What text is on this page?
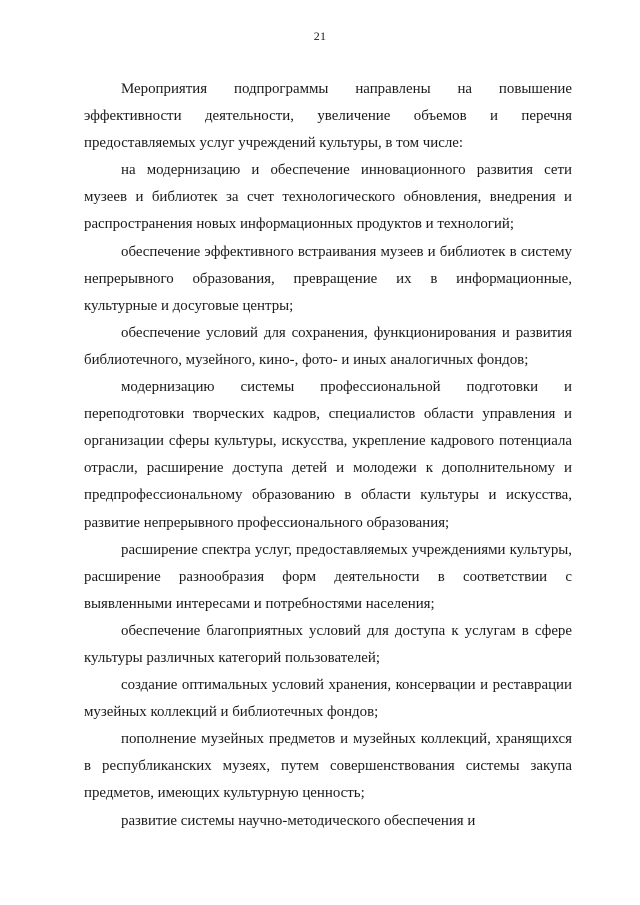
21

Мероприятия подпрограммы направлены на повышение эффективности деятельности, увеличение объемов и перечня предоставляемых услуг учреждений культуры, в том числе:

на модернизацию и обеспечение инновационного развития сети музеев и библиотек за счет технологического обновления, внедрения и распространения новых информационных продуктов и технологий;

обеспечение эффективного встраивания музеев и библиотек в систему непрерывного образования, превращение их в информационные, культурные и досуговые центры;

обеспечение условий для сохранения, функционирования и развития библиотечного, музейного, кино-, фото- и иных аналогичных фондов;

модернизацию системы профессиональной подготовки и переподготовки творческих кадров, специалистов области управления и организации сферы культуры, искусства, укрепление кадрового потенциала отрасли, расширение доступа детей и молодежи к дополнительному и предпрофессиональному образованию в области культуры и искусства, развитие непрерывного профессионального образования;

расширение спектра услуг, предоставляемых учреждениями культуры, расширение разнообразия форм деятельности в соответствии с выявленными интересами и потребностями населения;

обеспечение благоприятных условий для доступа к услугам в сфере культуры различных категорий пользователей;

создание оптимальных условий хранения, консервации и реставрации музейных коллекций и библиотечных фондов;

пополнение музейных предметов и музейных коллекций, хранящихся в республиканских музеях, путем совершенствования системы закупа предметов, имеющих культурную ценность;

развитие системы научно-методического обеспечения и
